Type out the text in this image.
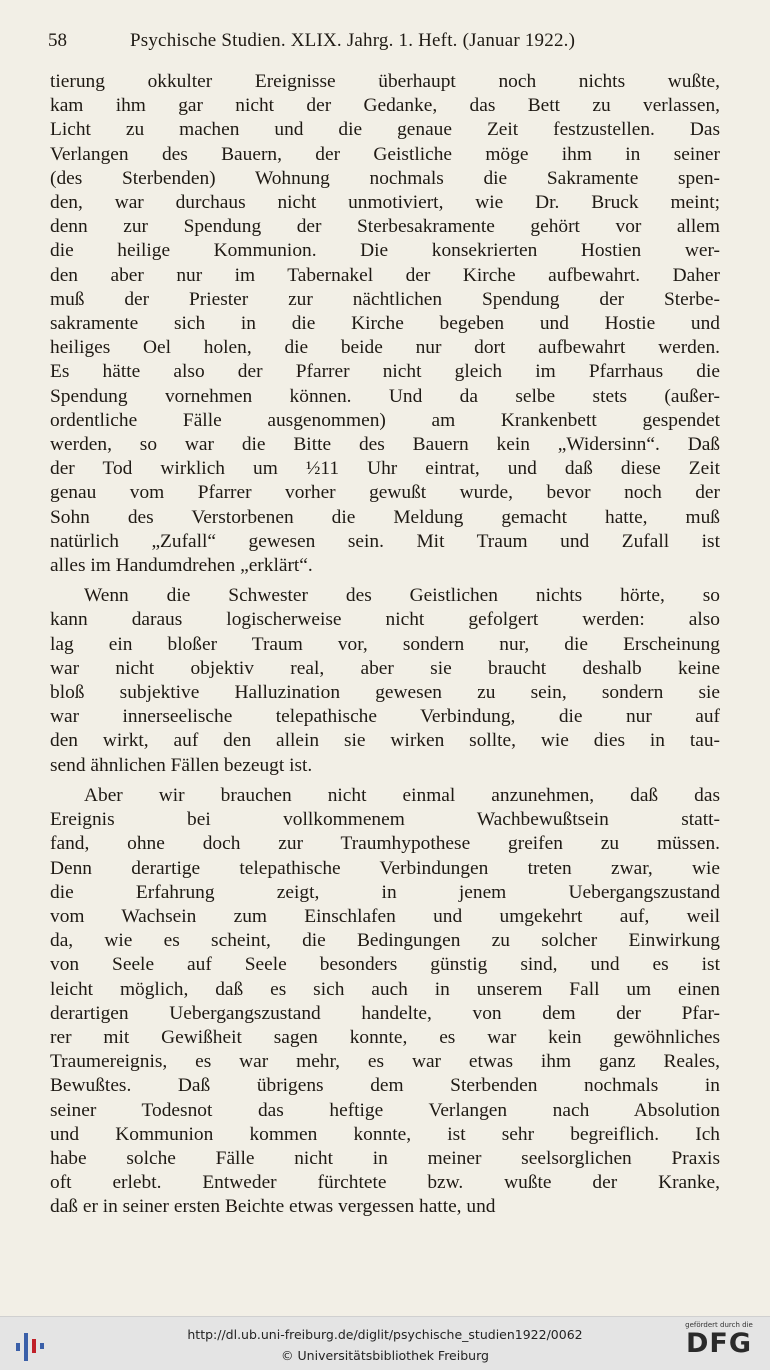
58	Psychische Studien. XLIX. Jahrg. 1. Heft. (Januar 1922.)
tierung okkulter Ereignisse überhaupt noch nichts wußte,
kam ihm gar nicht der Gedanke, das Bett zu verlassen,
Licht zu machen und die genaue Zeit festzustellen. Das
Verlangen des Bauern, der Geistliche möge ihm in seiner
(des Sterbenden) Wohnung nochmals die Sakramente spen-
den, war durchaus nicht unmotiviert, wie Dr. Bruck meint;
denn zur Spendung der Sterbesakramente gehört vor allem
die heilige Kommunion. Die konsekrierten Hostien wer-
den aber nur im Tabernakel der Kirche aufbewahrt. Daher
muß der Priester zur nächtlichen Spendung der Sterbe-
sakramente sich in die Kirche begeben und Hostie und
heiliges Oel holen, die beide nur dort aufbewahrt werden.
Es hätte also der Pfarrer nicht gleich im Pfarrhaus die
Spendung vornehmen können. Und da selbe stets (außer-
ordentliche Fälle ausgenommen) am Krankenbett gespendet
werden, so war die Bitte des Bauern kein „Widersinn“. Daß
der Tod wirklich um ½11 Uhr eintrat, und daß diese Zeit
genau vom Pfarrer vorher gewußt wurde, bevor noch der
Sohn des Verstorbenen die Meldung gemacht hatte, muß
natürlich „Zufall“ gewesen sein. Mit Traum und Zufall ist
alles im Handumdrehen „erklärt“.
Wenn die Schwester des Geistlichen nichts hörte, so
kann daraus logischerweise nicht gefolgert werden: also
lag ein bloßer Traum vor, sondern nur, die Erscheinung
war nicht objektiv real, aber sie braucht deshalb keine
bloß subjektive Halluzination gewesen zu sein, sondern sie
war innerseelische telepathische Verbindung, die nur auf
den wirkt, auf den allein sie wirken sollte, wie dies in tau-
send ähnlichen Fällen bezeugt ist.
Aber wir brauchen nicht einmal anzunehmen, daß das
Ereignis bei vollkommenem Wachbewußtsein statt-
fand, ohne doch zur Traumhypothese greifen zu müssen.
Denn derartige telepathische Verbindungen treten zwar, wie
die Erfahrung zeigt, in jenem Uebergangszustand
vom Wachsein zum Einschlafen und umgekehrt auf, weil
da, wie es scheint, die Bedingungen zu solcher Einwirkung
von Seele auf Seele besonders günstig sind, und es ist
leicht möglich, daß es sich auch in unserem Fall um einen
derartigen Uebergangszustand handelte, von dem der Pfar-
rer mit Gewißheit sagen konnte, es war kein gewöhnliches
Traumereignis, es war mehr, es war etwas ihm ganz Reales,
Bewußtes. Daß übrigens dem Sterbenden nochmals in
seiner Todesnot das heftige Verlangen nach Absolution
und Kommunion kommen konnte, ist sehr begreiflich. Ich
habe solche Fälle nicht in meiner seelsorglichen Praxis
oft erlebt. Entweder fürchtete bzw. wußte der Kranke,
daß er in seiner ersten Beichte etwas vergessen hatte, und
http://dl.ub.uni-freiburg.de/diglit/psychische_studien1922/0062
© Universitätsbibliothek Freiburg
gefördert durch die
DFG
